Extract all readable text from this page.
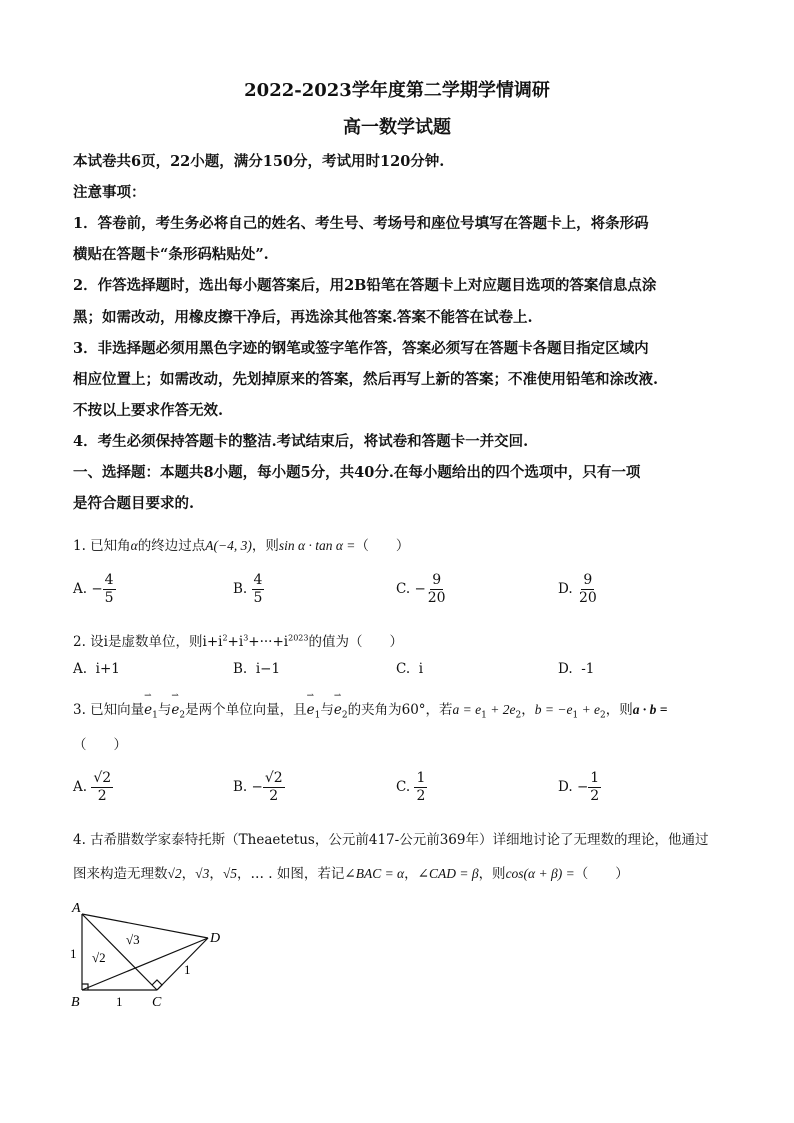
2022-2023学年度第二学期学情调研
高一数学试题
本试卷共6页，22小题，满分150分，考试用时120分钟.
注意事项：
1．答卷前，考生务必将自己的姓名、考生号、考场号和座位号填写在答题卡上，将条形码
横贴在答题卡“条形码粘贴处”.
2．作答选择题时，选出每小题答案后，用2B铅笔在答题卡上对应题目选项的答案信息点涂
黑；如需改动，用橡皮擦干净后，再选涂其他答案.答案不能答在试卷上.
3．非选择题必须用黑色字迹的钢笔或签字笔作答，答案必须写在答题卡各题目指定区域内
相应位置上；如需改动，先划掉原来的答案，然后再写上新的答案；不准使用铅笔和涂改液.
不按以上要求作答无效.
4．考生必须保持答题卡的整洁.考试结束后，将试卷和答题卡一并交回.
一、选择题：本题共8小题，每小题5分，共40分.在每小题给出的四个选项中，只有一项
是符合题目要求的.
1. 已知角α的终边过点A(−4, 3)，则sin α · tan α =（　　）
A. − $\frac{4}{5}$	B. $\frac{4}{5}$	C. − $\frac{9}{20}$	D. $\frac{9}{20}$
2. 设i是虚数单位，则$i+i^2+i^3+\cdot\cdot\cdot+i^{2023}$的值为（　　）
A. i+1	B. i−1	C. i	D. -1
3. 已知向量⇀ $e_1$与⇀ $e_2$是两个单位向量，且⇀ $e_1$与⇀ $e_2$的夹角为60°，若$a = e_1 + 2e_2$，$b = -e_1 + e_2$，则a · b =
（　　）
A. $\frac{√2}{2}$	B. − $\frac{√2}{2}$	C. $\frac{1}{2}$	D. − $\frac{1}{2}$
4. 古希腊数学家泰特托斯（Theaetetus，公元前417-公元前369年）详细地讨论了无理数的理论，他通过
图来构造无理数√2，√3，√5，… . 如图，若记∠BAC = α，∠CAD = β，则cos(α + β) =（　　）
A
B	C
D
1
1
1
√2
√3
